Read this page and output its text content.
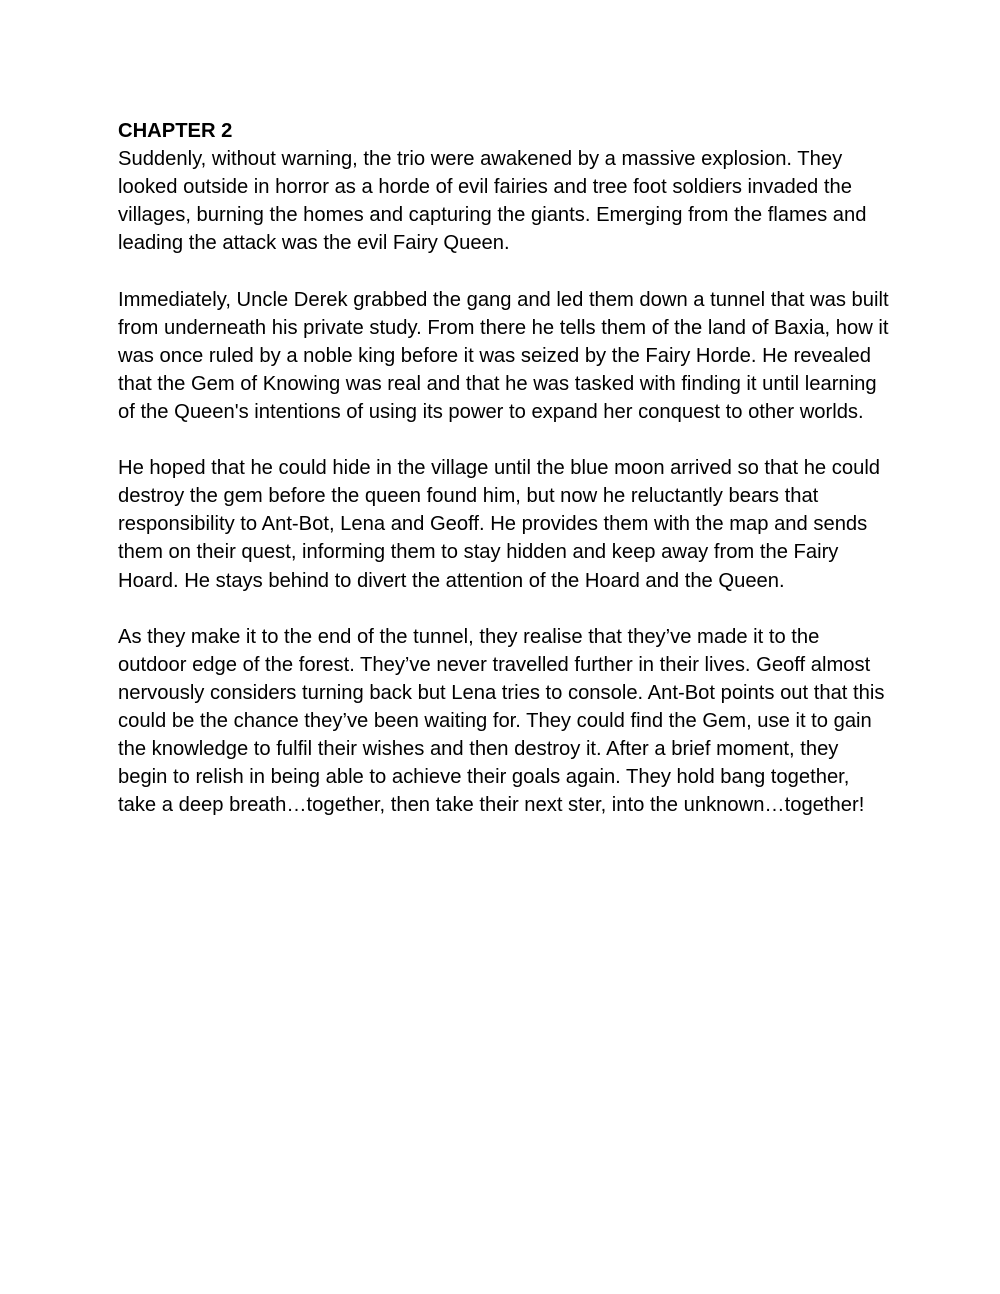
CHAPTER 2

Suddenly, without warning, the trio were awakened by a massive explosion. They looked outside in horror as a horde of evil fairies and tree foot soldiers invaded the villages, burning the homes and capturing the giants. Emerging from the flames and leading the attack was the evil Fairy Queen.

Immediately, Uncle Derek grabbed the gang and led them down a tunnel that was built from underneath his private study. From there he tells them of the land of Baxia, how it was once ruled by a noble king before it was seized by the Fairy Horde. He revealed that the Gem of Knowing was real and that he was tasked with finding it until learning of the Queen's intentions of using its power to expand her conquest to other worlds.

He hoped that he could hide in the village until the blue moon arrived so that he could destroy the gem before the queen found him, but now he reluctantly bears that responsibility to Ant-Bot, Lena and Geoff. He provides them with the map and sends them on their quest, informing them to stay hidden and keep away from the Fairy Hoard. He stays behind to divert the attention of the Hoard and the Queen.

As they make it to the end of the tunnel, they realise that they’ve made it to the outdoor edge of the forest. They’ve never travelled further in their lives. Geoff almost nervously considers turning back but Lena tries to console. Ant-Bot points out that this could be the chance they’ve been waiting for. They could find the Gem, use it to gain the knowledge to fulfil their wishes and then destroy it. After a brief moment, they begin to relish in being able to achieve their goals again. They hold bang together, take a deep breath…together, then take their next ster, into the unknown…together!
